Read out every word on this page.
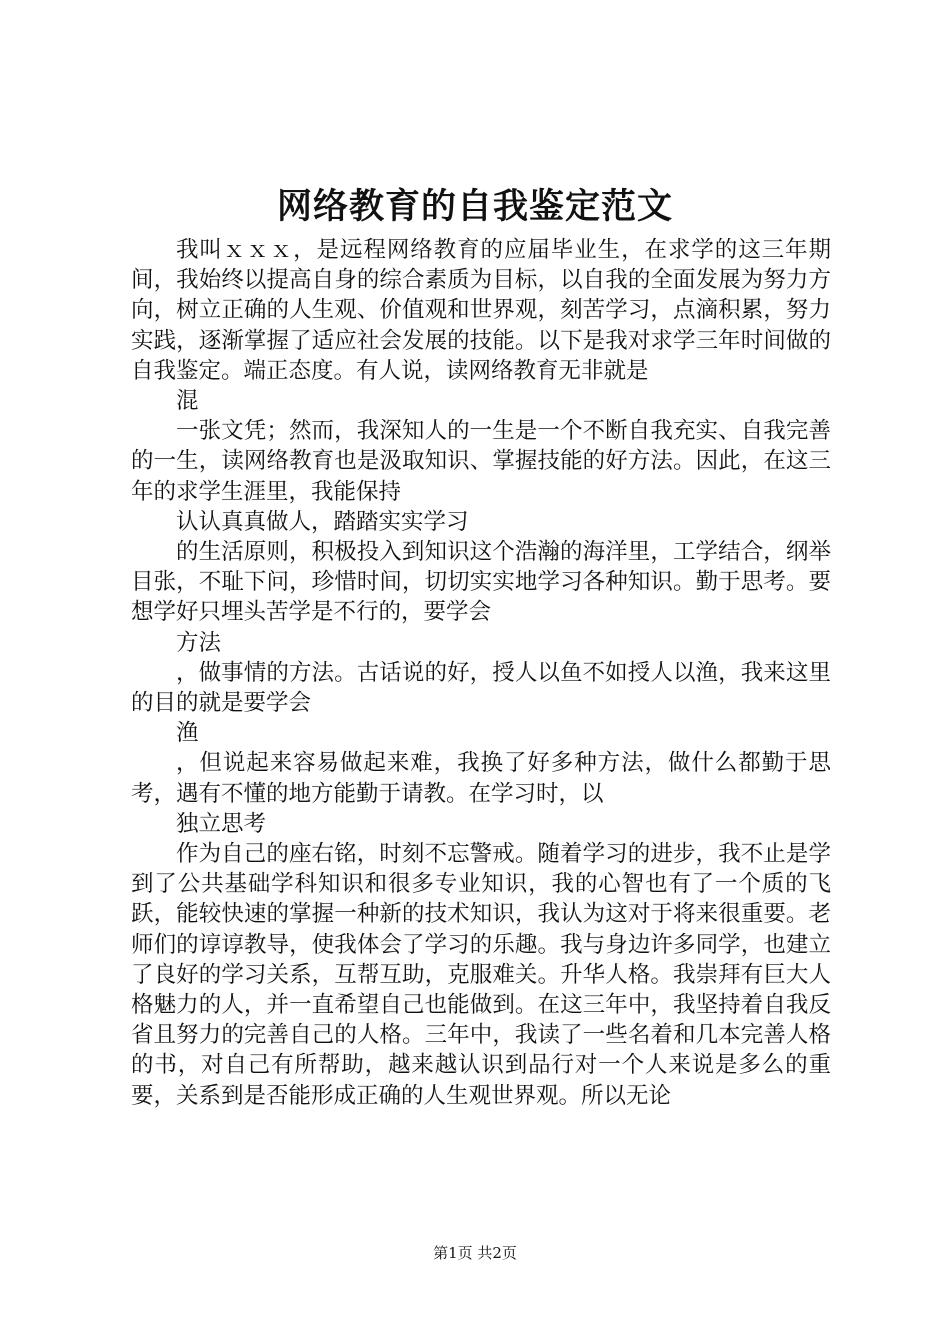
网络教育的自我鉴定范文

我叫ｘｘｘ，是远程网络教育的应届毕业生，在求学的这三年期间，我始终以提高自身的综合素质为目标，以自我的全面发展为努力方向，树立正确的人生观、价值观和世界观，刻苦学习，点滴积累，努力实践，逐渐掌握了适应社会发展的技能。以下是我对求学三年时间做的自我鉴定。端正态度。有人说，读网络教育无非就是

混

一张文凭；然而，我深知人的一生是一个不断自我充实、自我完善的一生，读网络教育也是汲取知识、掌握技能的好方法。因此，在这三年的求学生涯里，我能保持

认认真真做人，踏踏实实学习

的生活原则，积极投入到知识这个浩瀚的海洋里，工学结合，纲举目张，不耻下问，珍惜时间，切切实实地学习各种知识。勤于思考。要想学好只埋头苦学是不行的，要学会

方法

，做事情的方法。古话说的好，授人以鱼不如授人以渔，我来这里的目的就是要学会

渔

，但说起来容易做起来难，我换了好多种方法，做什么都勤于思考，遇有不懂的地方能勤于请教。在学习时，以

独立思考

作为自己的座右铭，时刻不忘警戒。随着学习的进步，我不止是学到了公共基础学科知识和很多专业知识，我的心智也有了一个质的飞跃，能较快速的掌握一种新的技术知识，我认为这对于将来很重要。老师们的谆谆教导，使我体会了学习的乐趣。我与身边许多同学，也建立了良好的学习关系，互帮互助，克服难关。升华人格。我崇拜有巨大人格魅力的人，并一直希望自己也能做到。在这三年中，我坚持着自我反省且努力的完善自己的人格。三年中，我读了一些名着和几本完善人格的书，对自己有所帮助，越来越认识到品行对一个人来说是多么的重要，关系到是否能形成正确的人生观世界观。所以无论

第1页 共2页
